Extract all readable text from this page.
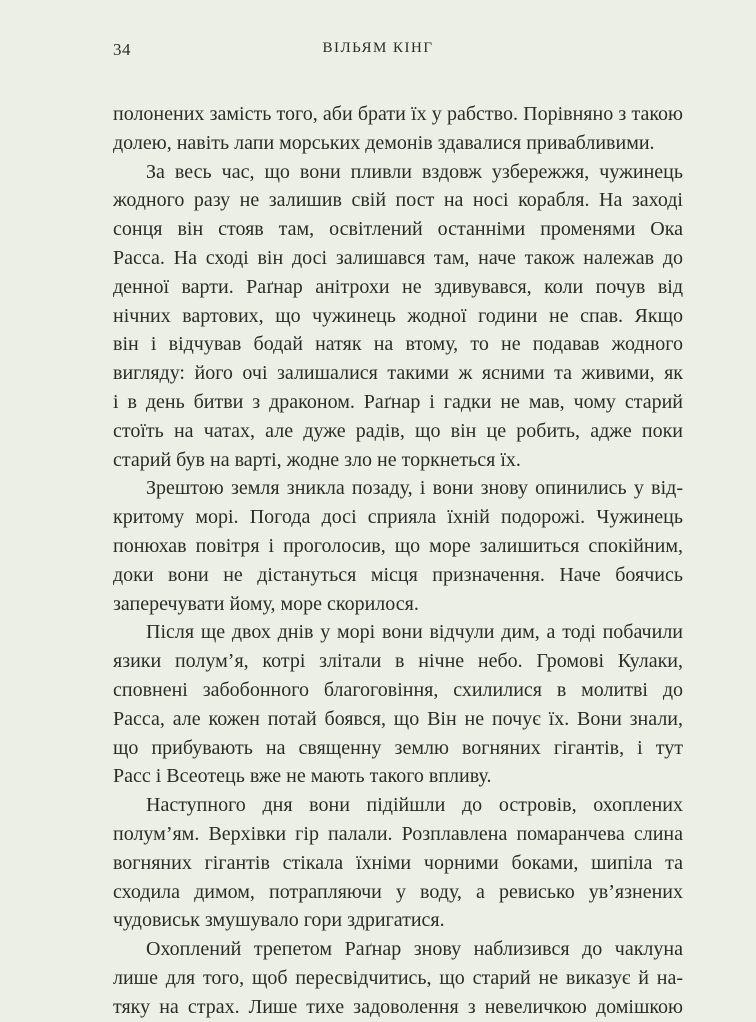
34	ВІЛЬЯМ КІНГ
полонених замість того, аби брати їх у рабство. Порівняно з такою
долею, навіть лапи морських демонів здавалися привабливими.
За весь час, що вони пливли вздовж узбережжя, чужинець
жодного разу не залишив свій пост на носі корабля. На заході
сонця він стояв там, освітлений останніми променями Ока
Расса. На сході він досі залишався там, наче також належав до
денної варти. Раґнар анітрохи не здивувався, коли почув від
нічних вартових, що чужинець жодної години не спав. Якщо
він і відчував бодай натяк на втому, то не подавав жодного
вигляду: його очі залишалися такими ж ясними та живими, як
і в день битви з драконом. Раґнар і гадки не мав, чому старий
стоїть на чатах, але дуже радів, що він це робить, адже поки
старий був на варті, жодне зло не торкнеться їх.
Зрештою земля зникла позаду, і вони знову опинились у від-
критому морі. Погода досі сприяла їхній подорожі. Чужинець
понюхав повітря і проголосив, що море залишиться спокійним,
доки вони не дістануться місця призначення. Наче боячись
заперечувати йому, море скорилося.
Після ще двох днів у морі вони відчули дим, а тоді побачили
язики полум’я, котрі злітали в нічне небо. Громові Кулаки,
сповнені забобонного благоговіння, схилилися в молитві до
Расса, але кожен потай боявся, що Він не почує їх. Вони знали,
що прибувають на священну землю вогняних гігантів, і тут
Расс і Всеотець вже не мають такого впливу.
Наступного дня вони підійшли до островів, охоплених
полум’ям. Верхівки гір палали. Розплавлена помаранчева слина
вогняних гігантів стікала їхніми чорними боками, шипіла та
сходила димом, потрапляючи у воду, а ревисько ув’язнених
чудовиськ змушувало гори здригатися.
Охоплений трепетом Раґнар знову наблизився до чаклуна
лише для того, щоб пересвідчитись, що старий не виказує й на-
тяку на страх. Лише тихе задоволення з невеличкою домішкою
